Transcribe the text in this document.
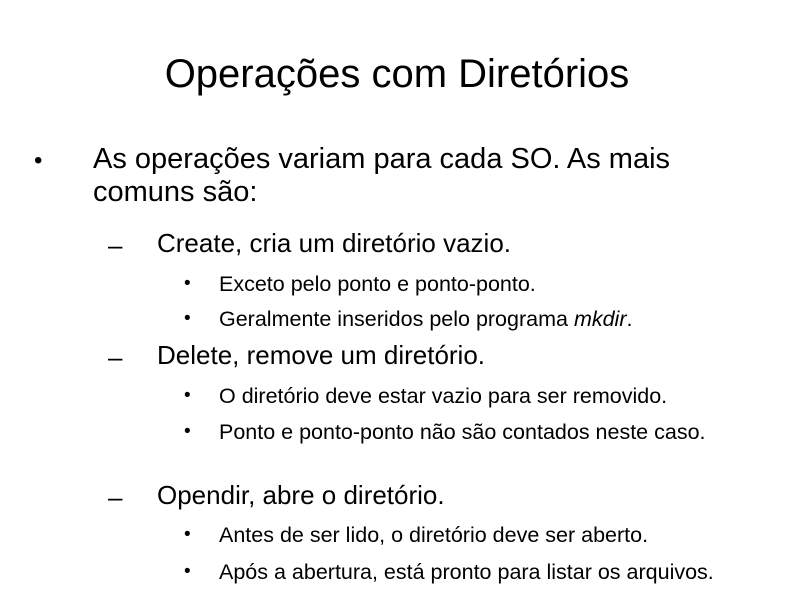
Operações com Diretórios
• As operações variam para cada SO. As mais comuns são:
– Create, cria um diretório vazio.
• Exceto pelo ponto e ponto-ponto.
• Geralmente inseridos pelo programa mkdir.
– Delete, remove um diretório.
• O diretório deve estar vazio para ser removido.
• Ponto e ponto-ponto não são contados neste caso.
– Opendir, abre o diretório.
• Antes de ser lido, o diretório deve ser aberto.
• Após a abertura, está pronto para listar os arquivos.
